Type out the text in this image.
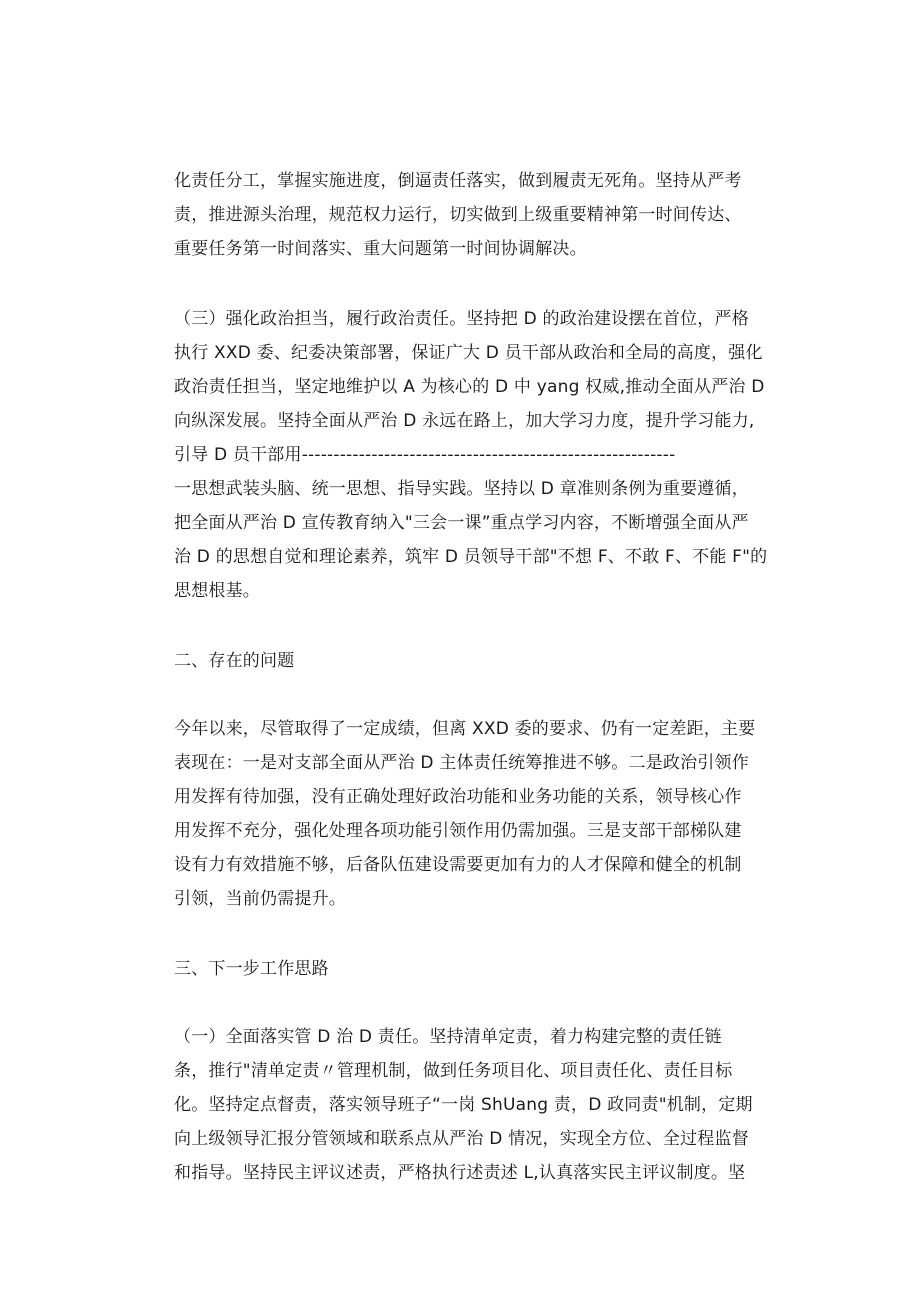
化责任分工，掌握实施进度，倒逼责任落实，做到履责无死角。坚持从严考
责，推进源头治理，规范权力运行，切实做到上级重要精神第一时间传达、
重要任务第一时间落实、重大问题第一时间协调解决。
（三）强化政治担当，履行政治责任。坚持把 D 的政治建设摆在首位，严格
执行 XXD 委、纪委决策部署，保证广大 D 员干部从政治和全局的高度，强化
政治责任担当，坚定地维护以 A 为核心的 D 中 yang 权威,推动全面从严治 D
向纵深发展。坚持全面从严治 D 永远在路上，加大学习力度，提升学习能力,
引导 D 员干部用-----------------------------------------------------------
一思想武装头脑、统一思想、指导实践。坚持以 D 章准则条例为重要遵循，
把全面从严治 D 宣传教育纳入"三会一课”重点学习内容，不断增强全面从严
治 D 的思想自觉和理论素养，筑牢 D 员领导干部"不想 F、不敢 F、不能 F"的
思想根基。
二、存在的问题
今年以来，尽管取得了一定成绩，但离 XXD 委的要求、仍有一定差距，主要
表现在：一是对支部全面从严治 D 主体责任统筹推进不够。二是政治引领作
用发挥有待加强，没有正确处理好政治功能和业务功能的关系，领导核心作
用发挥不充分，强化处理各项功能引领作用仍需加强。三是支部干部梯队建
设有力有效措施不够，后备队伍建设需要更加有力的人才保障和健全的机制
引领，当前仍需提升。
三、下一步工作思路
（一）全面落实管 D 治 D 责任。坚持清单定责，着力构建完整的责任链
条，推行"清单定责〃管理机制，做到任务项目化、项目责任化、责任目标
化。坚持定点督责，落实领导班子“一岗 ShUang 责，D 政同责"机制，定期
向上级领导汇报分管领域和联系点从严治 D 情况，实现全方位、全过程监督
和指导。坚持民主评议述责，严格执行述责述 L,认真落实民主评议制度。坚
